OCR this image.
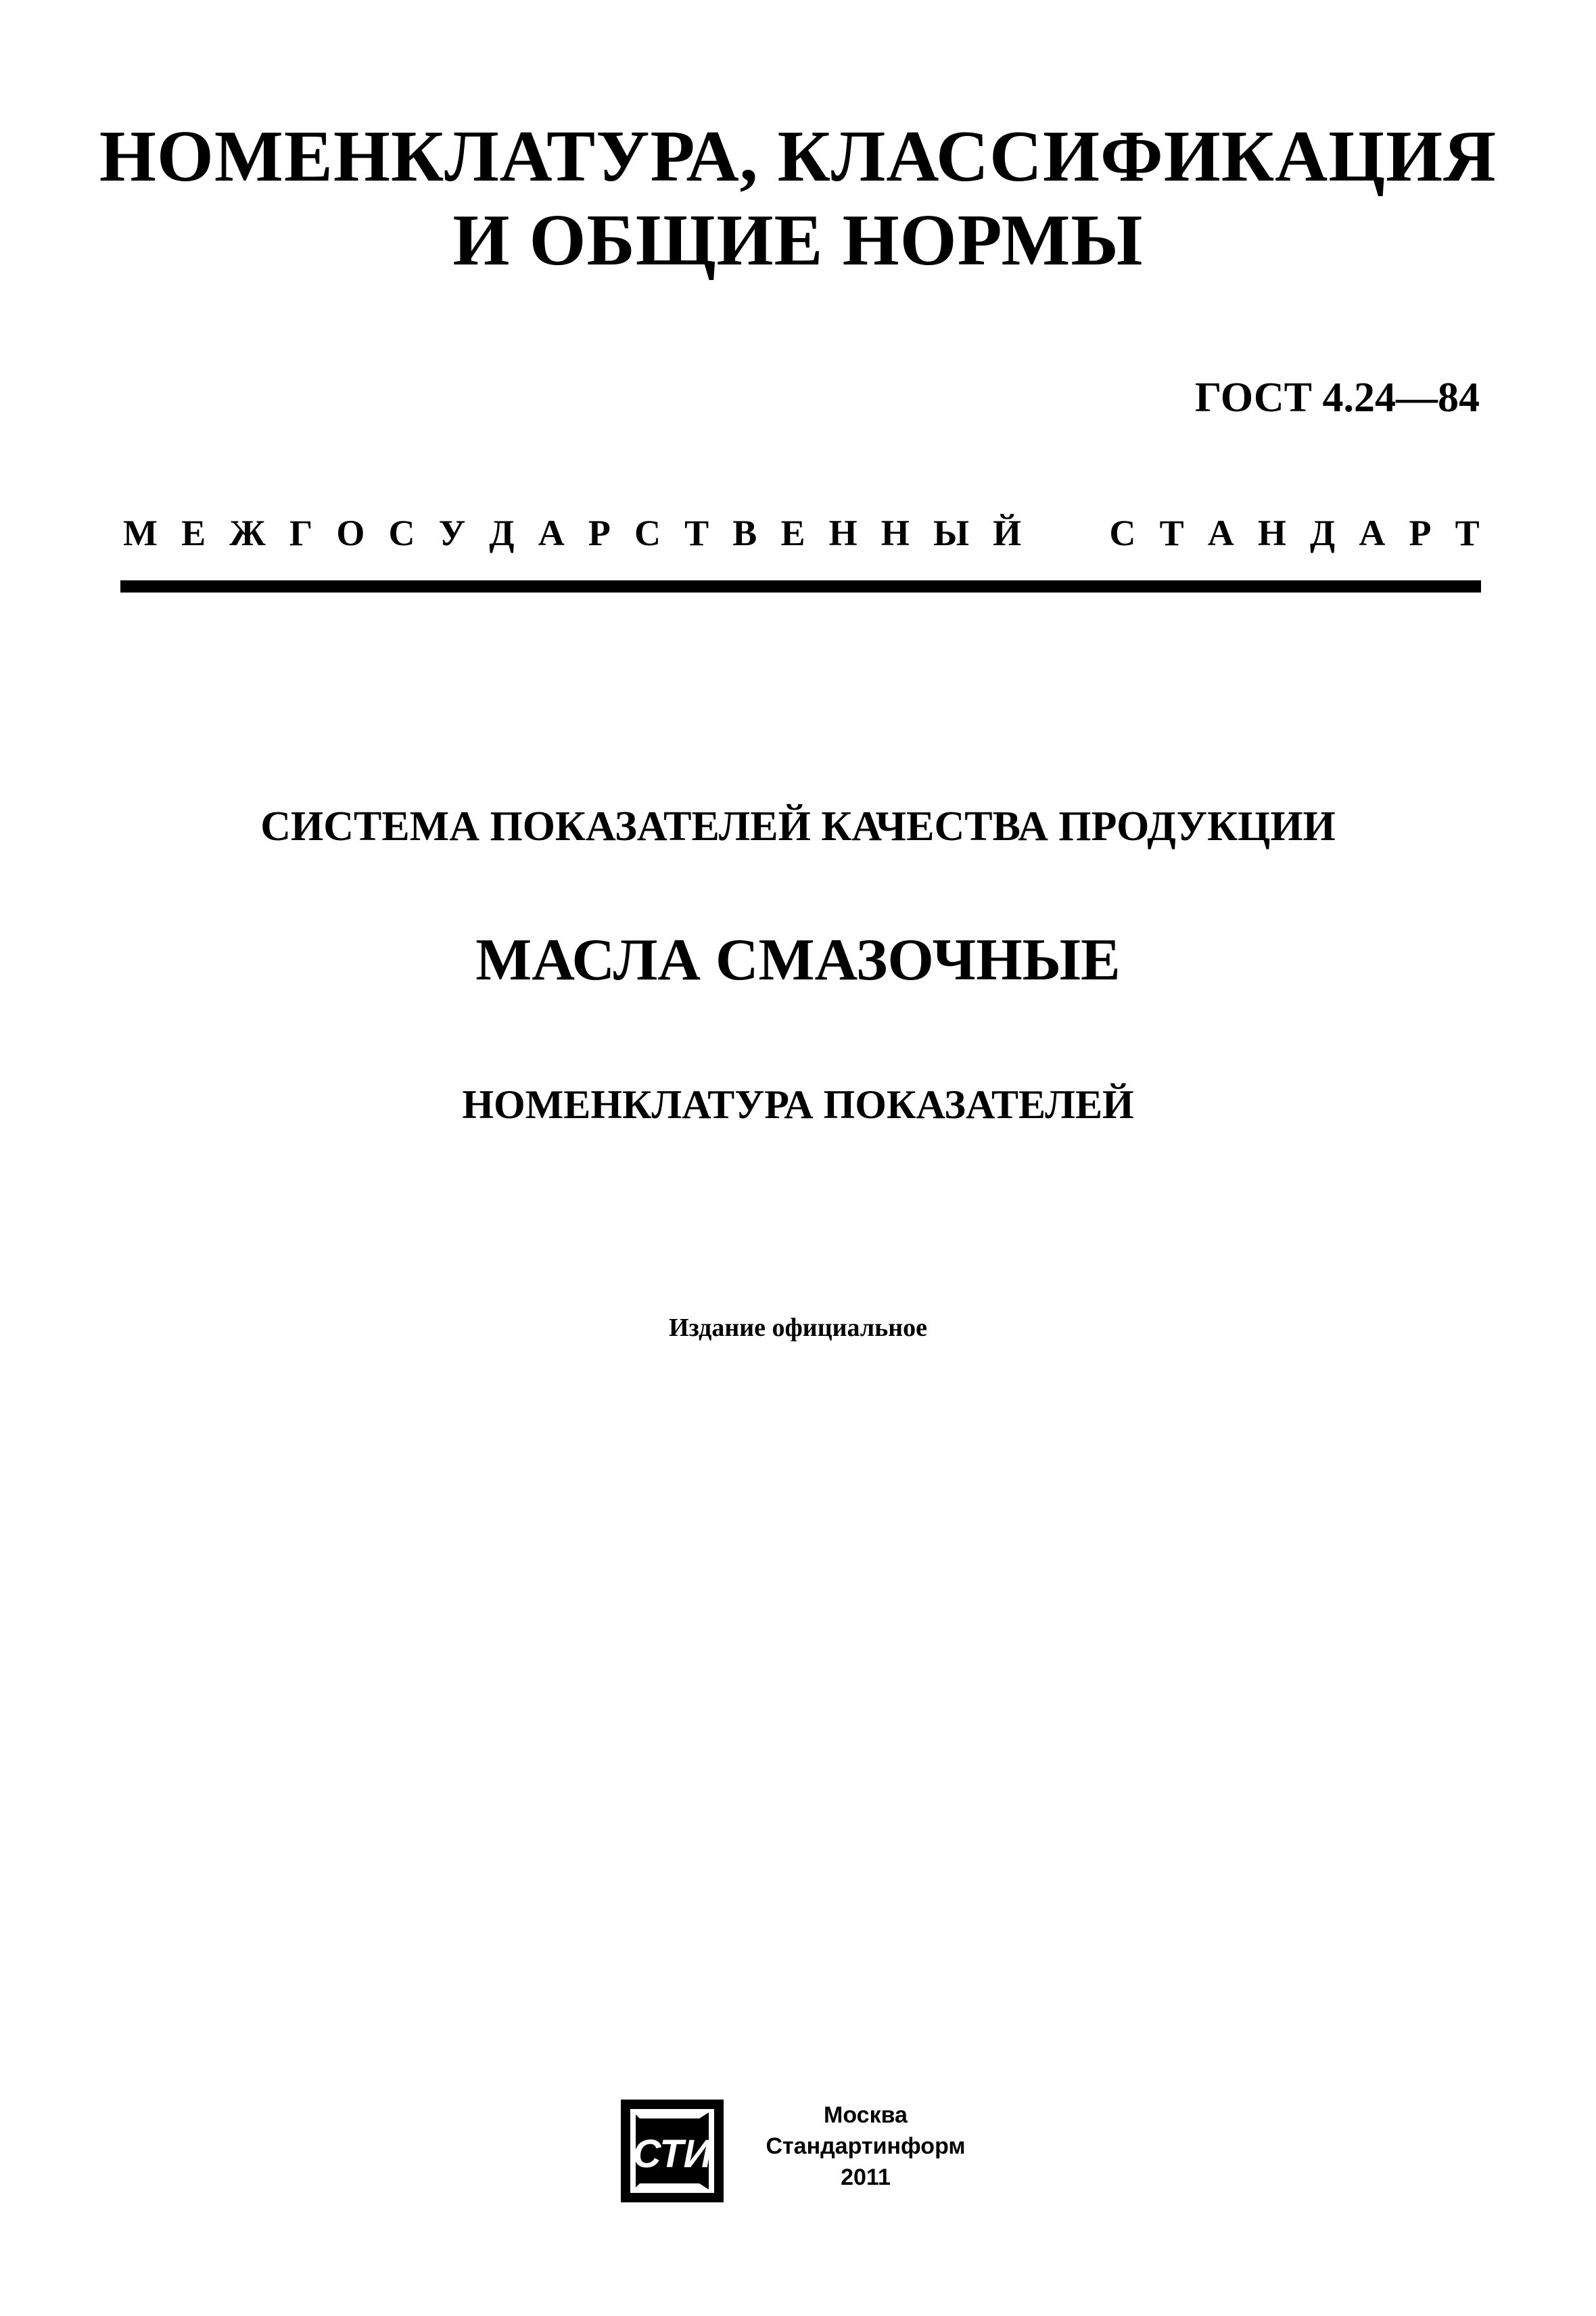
НОМЕНКЛАТУРА, КЛАССИФИКАЦИЯ
И ОБЩИЕ НОРМЫ
ГОСТ 4.24—84
М Е Ж Г О С У Д А Р С Т В Е Н Н Ы Й С Т А Н Д А Р Т
СИСТЕМА ПОКАЗАТЕЛЕЙ КАЧЕСТВА ПРОДУКЦИИ
МАСЛА СМАЗОЧНЫЕ
НОМЕНКЛАТУРА ПОКАЗАТЕЛЕЙ
Издание официальное
СТИ
Москва
Стандартинформ
2011
